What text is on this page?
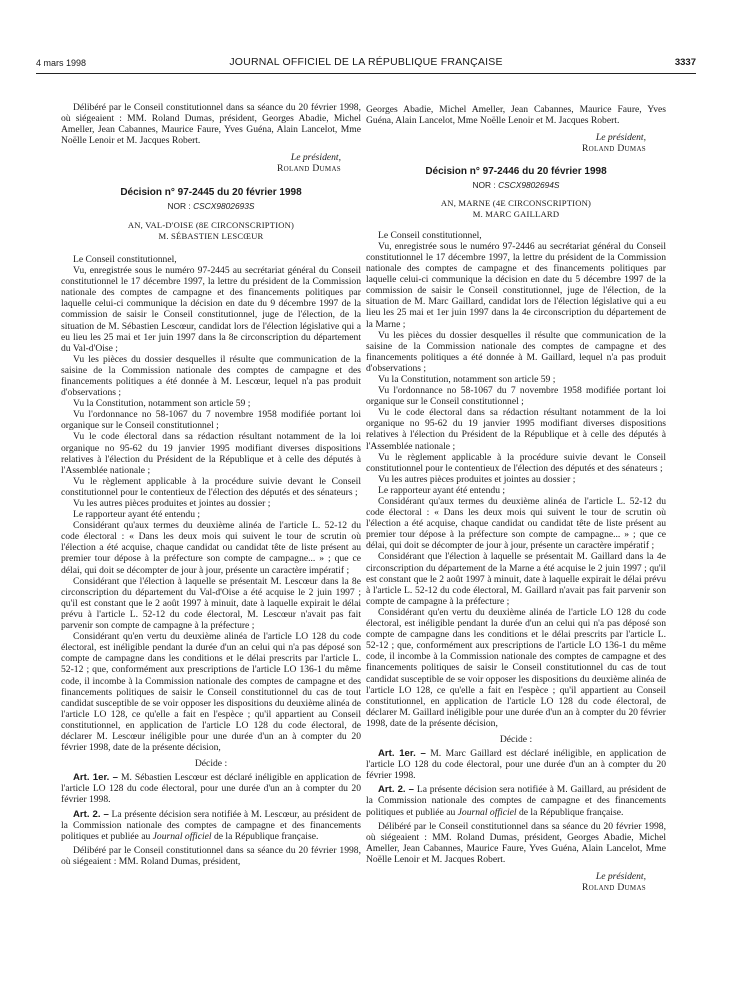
4 mars 1998	JOURNAL OFFICIEL DE LA RÉPUBLIQUE FRANÇAISE	3337

Délibéré par le Conseil constitutionnel dans sa séance du 20 février 1998, où siégeaient : MM. Roland Dumas, président, Georges Abadie, Michel Ameller, Jean Cabannes, Maurice Faure, Yves Guéna, Alain Lancelot, Mme Noëlle Lenoir et M. Jacques Robert.

Le président,

Roland Dumas

Décision n° 97-2445 du 20 février 1998

NOR : CSCX9802693S

AN, VAL-D'OISE (8E CIRCONSCRIPTION)

M. SÉBASTIEN LESCŒUR

Le Conseil constitutionnel,

Vu, enregistrée sous le numéro 97-2445 au secrétariat général du Conseil constitutionnel le 17 décembre 1997, la lettre du président de la Commission nationale des comptes de campagne et des financements politiques par laquelle celui-ci communique la décision en date du 9 décembre 1997 de la commission de saisir le Conseil constitutionnel, juge de l'élection, de la situation de M. Sébastien Lescœur, candidat lors de l'élection législative qui a eu lieu les 25 mai et 1er juin 1997 dans la 8e circonscription du département du Val-d'Oise ;

Vu les pièces du dossier desquelles il résulte que communication de la saisine de la Commission nationale des comptes de campagne et des financements politiques a été donnée à M. Lescœur, lequel n'a pas produit d'observations ;

Vu la Constitution, notamment son article 59 ;

Vu l'ordonnance no 58-1067 du 7 novembre 1958 modifiée portant loi organique sur le Conseil constitutionnel ;

Vu le code électoral dans sa rédaction résultant notamment de la loi organique no 95-62 du 19 janvier 1995 modifiant diverses dispositions relatives à l'élection du Président de la République et à celle des députés à l'Assemblée nationale ;

Vu le règlement applicable à la procédure suivie devant le Conseil constitutionnel pour le contentieux de l'élection des députés et des sénateurs ;

Vu les autres pièces produites et jointes au dossier ;

Le rapporteur ayant été entendu ;

Considérant qu'aux termes du deuxième alinéa de l'article L. 52-12 du code électoral : « Dans les deux mois qui suivent le tour de scrutin où l'élection a été acquise, chaque candidat ou candidat tête de liste présent au premier tour dépose à la préfecture son compte de campagne... » ; que ce délai, qui doit se décompter de jour à jour, présente un caractère impératif ;

Considérant que l'élection à laquelle se présentait M. Lescœur dans la 8e circonscription du département du Val-d'Oise a été acquise le 2 juin 1997 ; qu'il est constant que le 2 août 1997 à minuit, date à laquelle expirait le délai prévu à l'article L. 52-12 du code électoral, M. Lescœur n'avait pas fait parvenir son compte de campagne à la préfecture ;

Considérant qu'en vertu du deuxième alinéa de l'article LO 128 du code électoral, est inéligible pendant la durée d'un an celui qui n'a pas déposé son compte de campagne dans les conditions et le délai prescrits par l'article L. 52-12 ; que, conformément aux prescriptions de l'article LO 136-1 du même code, il incombe à la Commission nationale des comptes de campagne et des financements politiques de saisir le Conseil constitutionnel du cas de tout candidat susceptible de se voir opposer les dispositions du deuxième alinéa de l'article LO 128, ce qu'elle a fait en l'espèce ; qu'il appartient au Conseil constitutionnel, en application de l'article LO 128 du code électoral, de déclarer M. Lescœur inéligible pour une durée d'un an à compter du 20 février 1998, date de la présente décision,

Décide :

Art. 1er. – M. Sébastien Lescœur est déclaré inéligible en application de l'article LO 128 du code électoral, pour une durée d'un an à compter du 20 février 1998.

Art. 2. – La présente décision sera notifiée à M. Lescœur, au président de la Commission nationale des comptes de campagne et des financements politiques et publiée au Journal officiel de la République française.

Délibéré par le Conseil constitutionnel dans sa séance du 20 février 1998, où siégeaient : MM. Roland Dumas, président,

Georges Abadie, Michel Ameller, Jean Cabannes, Maurice Faure, Yves Guéna, Alain Lancelot, Mme Noëlle Lenoir et M. Jacques Robert.

Le président,

Roland Dumas

Décision n° 97-2446 du 20 février 1998

NOR : CSCX9802694S

AN, MARNE (4E CIRCONSCRIPTION)

M. MARC GAILLARD

Le Conseil constitutionnel,

Vu, enregistrée sous le numéro 97-2446 au secrétariat général du Conseil constitutionnel le 17 décembre 1997, la lettre du président de la Commission nationale des comptes de campagne et des financements politiques par laquelle celui-ci communique la décision en date du 5 décembre 1997 de la commission de saisir le Conseil constitutionnel, juge de l'élection, de la situation de M. Marc Gaillard, candidat lors de l'élection législative qui a eu lieu les 25 mai et 1er juin 1997 dans la 4e circonscription du département de la Marne ;

Vu les pièces du dossier desquelles il résulte que communication de la saisine de la Commission nationale des comptes de campagne et des financements politiques a été donnée à M. Gaillard, lequel n'a pas produit d'observations ;

Vu la Constitution, notamment son article 59 ;

Vu l'ordonnance no 58-1067 du 7 novembre 1958 modifiée portant loi organique sur le Conseil constitutionnel ;

Vu le code électoral dans sa rédaction résultant notamment de la loi organique no 95-62 du 19 janvier 1995 modifiant diverses dispositions relatives à l'élection du Président de la République et à celle des députés à l'Assemblée nationale ;

Vu le règlement applicable à la procédure suivie devant le Conseil constitutionnel pour le contentieux de l'élection des députés et des sénateurs ;

Vu les autres pièces produites et jointes au dossier ;

Le rapporteur ayant été entendu ;

Considérant qu'aux termes du deuxième alinéa de l'article L. 52-12 du code électoral : « Dans les deux mois qui suivent le tour de scrutin où l'élection a été acquise, chaque candidat ou candidat tête de liste présent au premier tour dépose à la préfecture son compte de campagne... » ; que ce délai, qui doit se décompter de jour à jour, présente un caractère impératif ;

Considérant que l'élection à laquelle se présentait M. Gaillard dans la 4e circonscription du département de la Marne a été acquise le 2 juin 1997 ; qu'il est constant que le 2 août 1997 à minuit, date à laquelle expirait le délai prévu à l'article L. 52-12 du code électoral, M. Gaillard n'avait pas fait parvenir son compte de campagne à la préfecture ;

Considérant qu'en vertu du deuxième alinéa de l'article LO 128 du code électoral, est inéligible pendant la durée d'un an celui qui n'a pas déposé son compte de campagne dans les conditions et le délai prescrits par l'article L. 52-12 ; que, conformément aux prescriptions de l'article LO 136-1 du même code, il incombe à la Commission nationale des comptes de campagne et des financements politiques de saisir le Conseil constitutionnel du cas de tout candidat susceptible de se voir opposer les dispositions du deuxième alinéa de l'article LO 128, ce qu'elle a fait en l'espèce ; qu'il appartient au Conseil constitutionnel, en application de l'article LO 128 du code électoral, de déclarer M. Gaillard inéligible pour une durée d'un an à compter du 20 février 1998, date de la présente décision,

Décide :

Art. 1er. – M. Marc Gaillard est déclaré inéligible, en application de l'article LO 128 du code électoral, pour une durée d'un an à compter du 20 février 1998.

Art. 2. – La présente décision sera notifiée à M. Gaillard, au président de la Commission nationale des comptes de campagne et des financements politiques et publiée au Journal officiel de la République française.

Délibéré par le Conseil constitutionnel dans sa séance du 20 février 1998, où siégeaient : MM. Roland Dumas, président, Georges Abadie, Michel Ameller, Jean Cabannes, Maurice Faure, Yves Guéna, Alain Lancelot, Mme Noëlle Lenoir et M. Jacques Robert.

Le président,

Roland Dumas
